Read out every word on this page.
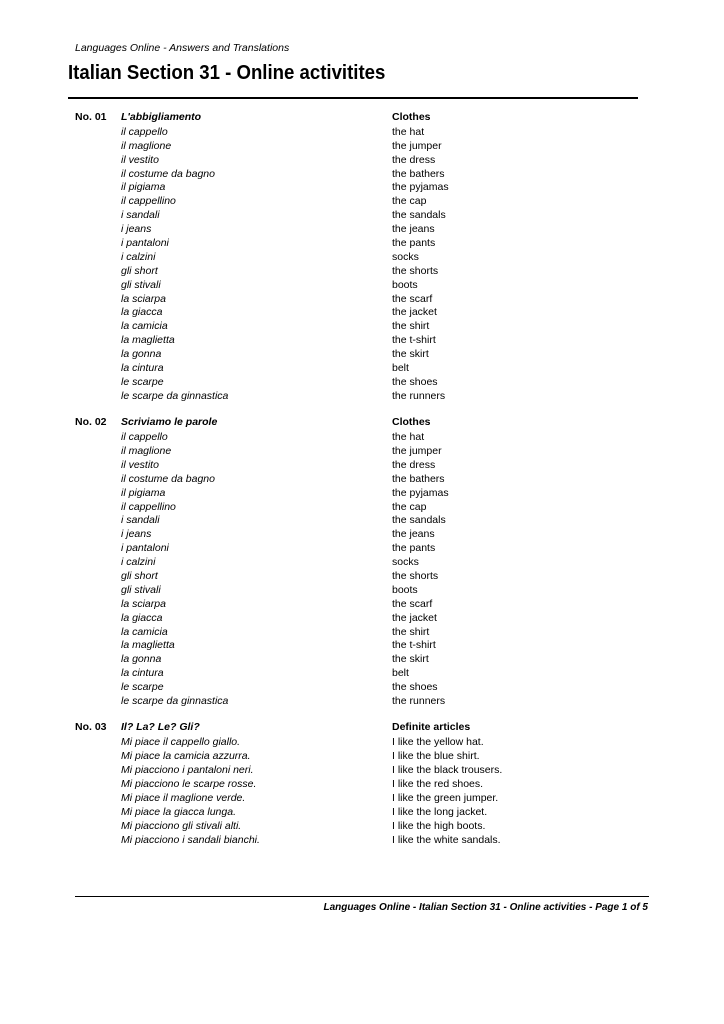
Languages Online - Answers and Translations
Italian Section 31 - Online activitites
No. 01 L'abbigliamento	Clothes
il cappello	the hat
il maglione	the jumper
il vestito	the dress
il costume da bagno	the bathers
il pigiama	the pyjamas
il cappellino	the cap
i sandali	the sandals
i jeans	the jeans
i pantaloni	the pants
i calzini	socks
gli short	the shorts
gli stivali	boots
la sciarpa	the scarf
la giacca	the jacket
la camicia	the shirt
la maglietta	the t-shirt
la gonna	the skirt
la cintura	belt
le scarpe	the shoes
le scarpe da ginnastica	the runners
No. 02 Scriviamo le parole	Clothes
il cappello	the hat
il maglione	the jumper
il vestito	the dress
il costume da bagno	the bathers
il pigiama	the pyjamas
il cappellino	the cap
i sandali	the sandals
i jeans	the jeans
i pantaloni	the pants
i calzini	socks
gli short	the shorts
gli stivali	boots
la sciarpa	the scarf
la giacca	the jacket
la camicia	the shirt
la maglietta	the t-shirt
la gonna	the skirt
la cintura	belt
le scarpe	the shoes
le scarpe da ginnastica	the runners
No. 03 Il? La? Le? Gli?	Definite articles
Mi piace il cappello giallo.	I like the yellow hat.
Mi piace la camicia azzurra.	I like the blue shirt.
Mi piacciono i pantaloni neri.	I like the black trousers.
Mi piacciono le scarpe rosse.	I like the red shoes.
Mi piace il maglione verde.	I like the green jumper.
Mi piace la giacca lunga.	I like the long jacket.
Mi piacciono gli stivali alti.	I like the high boots.
Mi piacciono i sandali bianchi.	I like the white sandals.
Languages Online - Italian Section 31 - Online activities - Page 1 of 5
